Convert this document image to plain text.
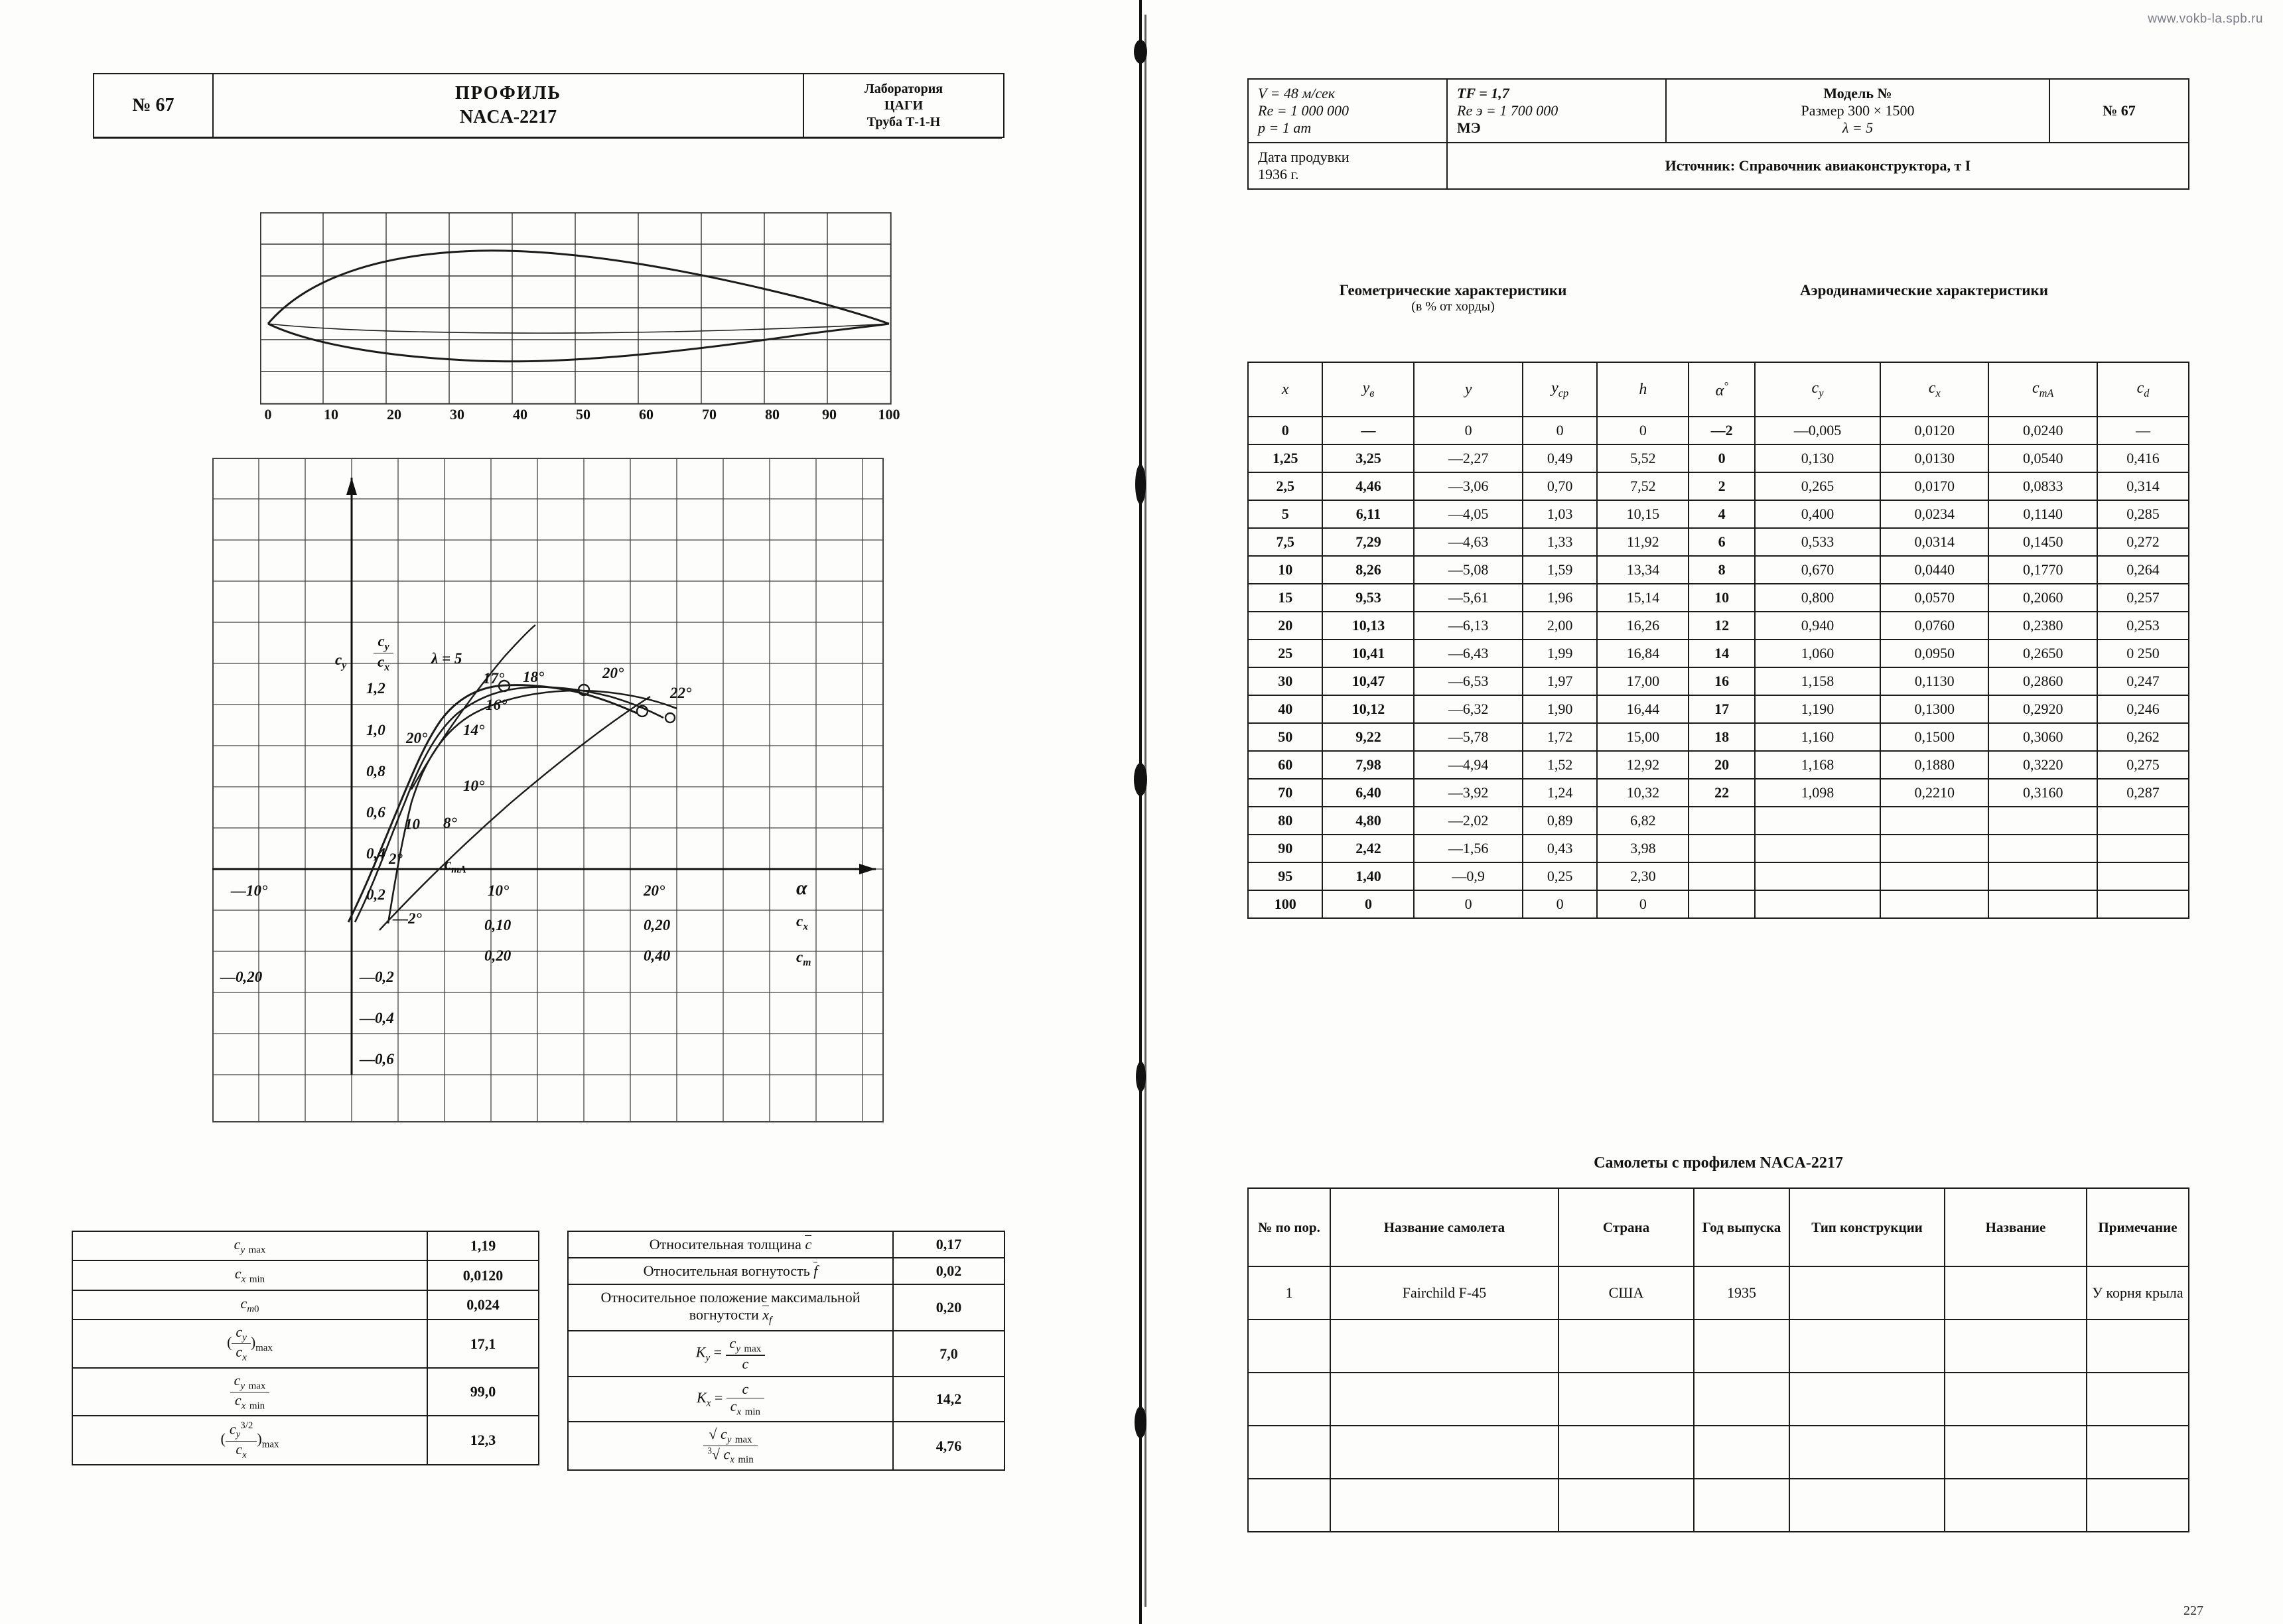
www.vokb-la.spb.ru
№ 67
ПРОФИЛЬ
NACA-2217
Лаборатория
ЦАГИ
Труба Т-1-Н
0	10	20	30	40	50	60	70	80	90	100
$c_y \frac{c_y}{c_x}$ λ = 5
1,2
1,0
0,8
0,6
0,4
0,2
—0,2
—0,4
—0,6
—0,20
—10°	10°	20°
—2°	0,10	0,20
0,20	0,40
α
$c_x$
$c_m$
$c_{mA}$
20°
17° 18°	20°
22°
16°
14°
10°
8°
2°
10
$c_y$ $_{max}$	1,19
$c_x$ $_{min}$	0,0120
$c_{m0}$	0,024
( $\frac{c_y}{c_x} )_{max}$	17,1

$\frac{c_y _{max}}{c_x _{min}}$	99,0
( $\frac{c_y^{3/2}}{c_x} )_{max}$	12,3
Относительная толщина c	0,17
Относительная вогнутость f	0,02
Относительное положение максимальной вогнутости $x_f$	0,20
$K_y = \frac{c_y _{max}}{c}$	7,0
$K_x = \frac{c}{c_x _{min}}$	14,2

$\frac{√ c_y _{max}}{^3√ c_x _{min}}$	4,76
V = 48 м/сек
Re = 1 000 000
p = 1 am

TF = 1,7
Re э = 1 700 000
МЭ

Модель №
Размер 300 × 1500
λ = 5
	№ 67

Дата продувки
1936 г.	Источник: Справочник авиаконструктора, т I		
Геометрические характеристики
(в % от хорды)
Аэродинамические характеристики
x	$y_в$	y	$y_{ср}$	h	α°	$c_y$	$c_x$	$c_{mA}$	$c_d$
0	—	0	0	0	—2	—0,005	0,0120	0,0240	—
1,25	3,25	—2,27	0,49	5,52	0	0,130	0,0130	0,0540	0,416
2,5	4,46	—3,06	0,70	7,52	2	0,265	0,0170	0,0833	0,314
5	6,11	—4,05	1,03	10,15	4	0,400	0,0234	0,1140	0,285
7,5	7,29	—4,63	1,33	11,92	6	0,533	0,0314	0,1450	0,272
10	8,26	—5,08	1,59	13,34	8	0,670	0,0440	0,1770	0,264
15	9,53	—5,61	1,96	15,14	10	0,800	0,0570	0,2060	0,257
20	10,13	—6,13	2,00	16,26	12	0,940	0,0760	0,2380	0,253
25	10,41	—6,43	1,99	16,84	14	1,060	0,0950	0,2650	0 250
30	10,47	—6,53	1,97	17,00	16	1,158	0,1130	0,2860	0,247
40	10,12	—6,32	1,90	16,44	17	1,190	0,1300	0,2920	0,246
50	9,22	—5,78	1,72	15,00	18	1,160	0,1500	0,3060	0,262
60	7,98	—4,94	1,52	12,92	20	1,168	0,1880	0,3220	0,275
70	6,40	—3,92	1,24	10,32	22	1,098	0,2210	0,3160	0,287
80	4,80	—2,02	0,89	6,82					
90	2,42	—1,56	0,43	3,98					
95	1,40	—0,9	0,25	2,30					
100	0	0	0	0					
Самолеты с профилем NACA-2217
№ по пор.	Название самолета	Страна	Год выпуска	Тип конструкции	Название	Примечание
1	Fairchild F-45	США	1935			У корня крыла

227
